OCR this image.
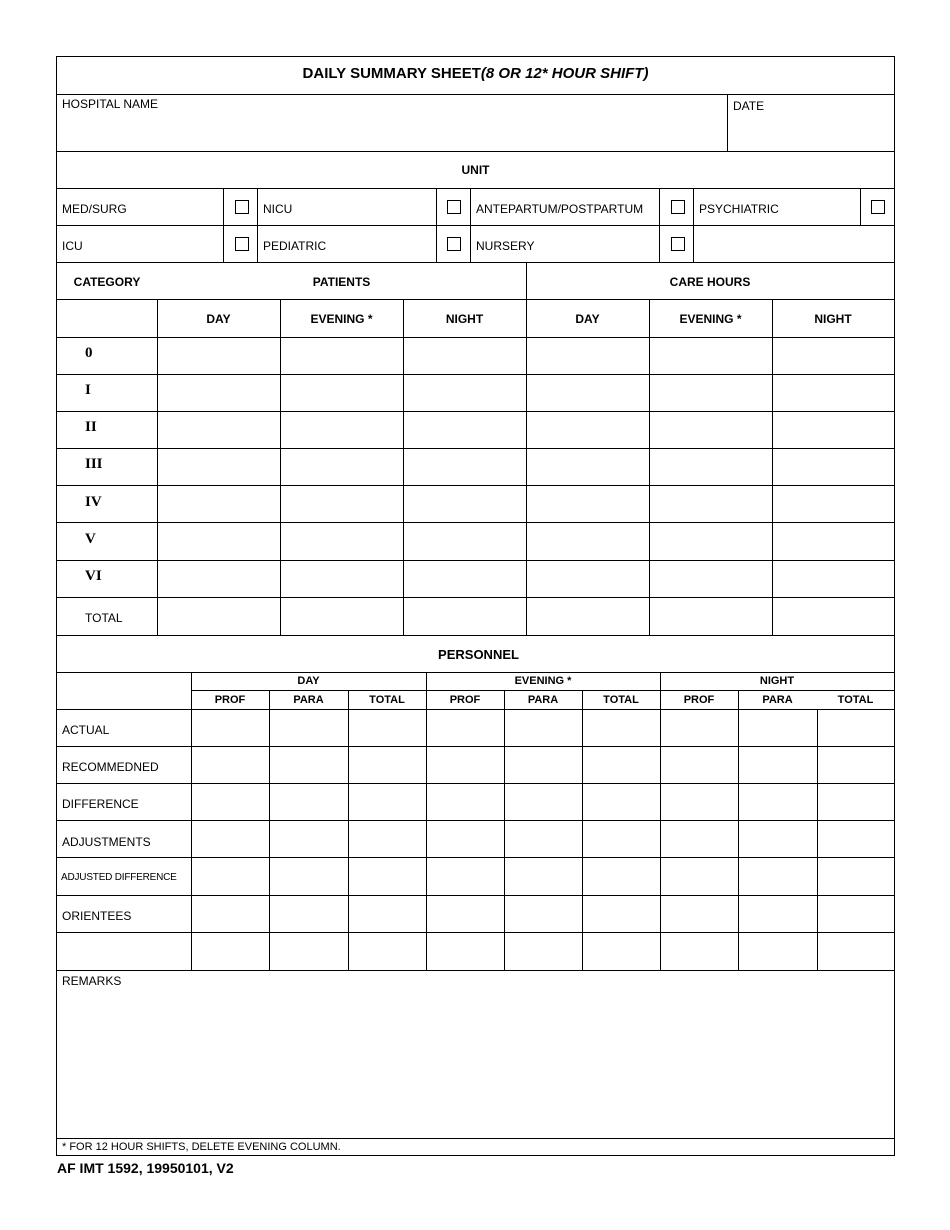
DAILY SUMMARY SHEET(8 OR 12* HOUR SHIFT)
HOSPITAL NAME	DATE
UNIT
MED/SURG	NICU	ANTEPARTUM/POSTPARTUM	PSYCHIATRIC
ICU	PEDIATRIC	NURSERY
CATEGORY	PATIENTS	CARE HOURS
DAY	EVENING *	NIGHT	DAY	EVENING *	NIGHT
0
I
II
III
IV
V
VI
TOTAL
PERSONNEL
DAY	EVENING *	NIGHT
PROF	PARA	TOTAL	PROF	PARA	TOTAL	PROF	PARA	TOTAL
ACTUAL
RECOMMEDNED
DIFFERENCE
ADJUSTMENTS
ADJUSTED DIFFERENCE
ORIENTEES
REMARKS
* FOR 12 HOUR SHIFTS, DELETE EVENING COLUMN.
AF IMT 1592, 19950101, V2
